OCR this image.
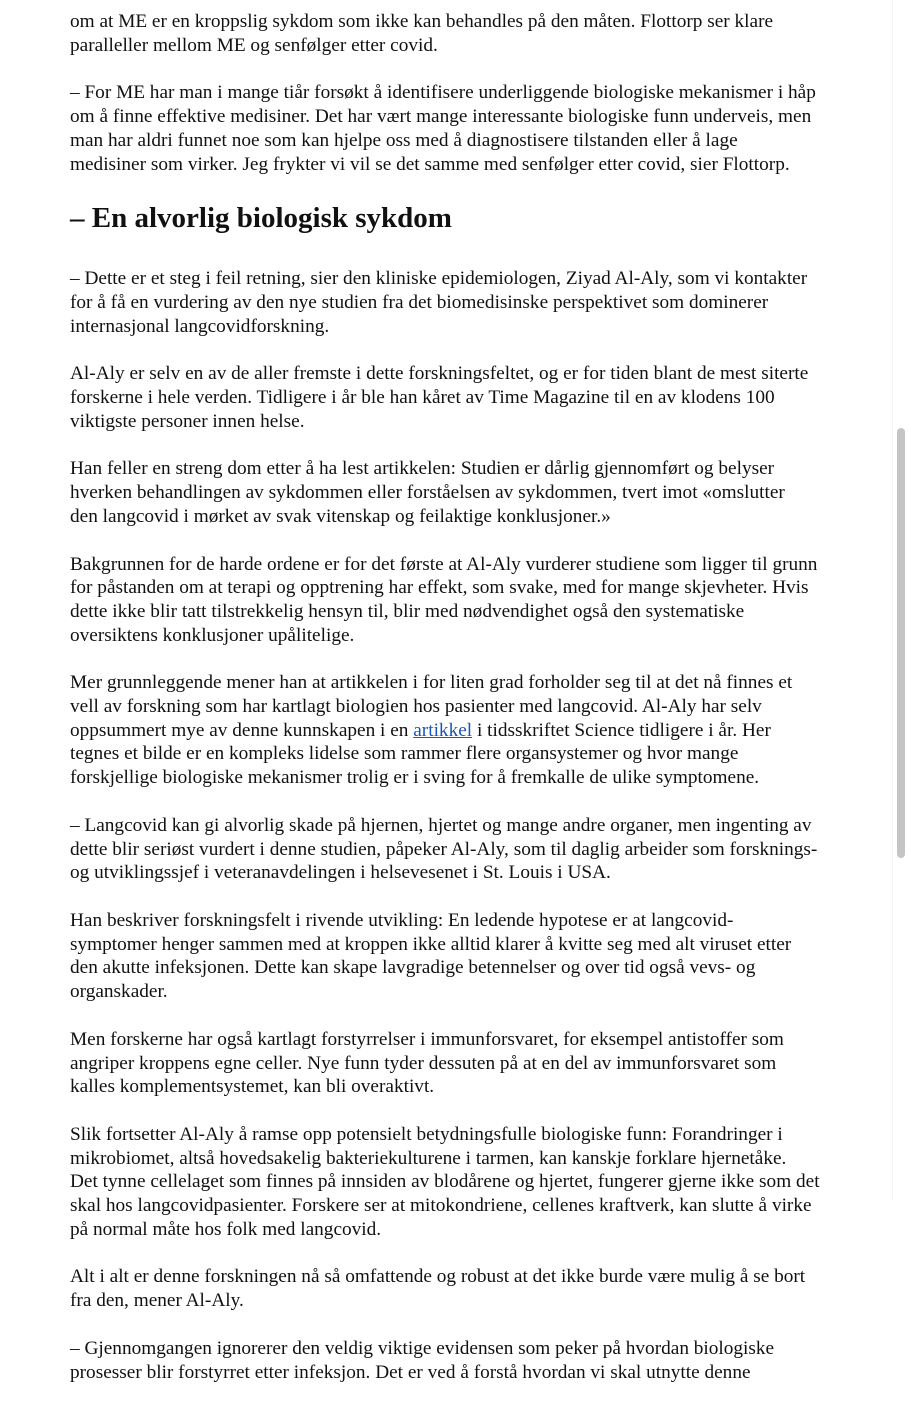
om at ME er en kroppslig sykdom som ikke kan behandles på den måten. Flottorp ser klare
paralleller mellom ME og senfølger etter covid.

– For ME har man i mange tiår forsøkt å identifisere underliggende biologiske mekanismer i håp
om å finne effektive medisiner. Det har vært mange interessante biologiske funn underveis, men
man har aldri funnet noe som kan hjelpe oss med å diagnostisere tilstanden eller å lage
medisiner som virker. Jeg frykter vi vil se det samme med senfølger etter covid, sier Flottorp.

– En alvorlig biologisk sykdom

– Dette er et steg i feil retning, sier den kliniske epidemiologen, Ziyad Al-Aly, som vi kontakter
for å få en vurdering av den nye studien fra det biomedisinske perspektivet som dominerer
internasjonal langcovidforskning.

Al-Aly er selv en av de aller fremste i dette forskningsfeltet, og er for tiden blant de mest siterte
forskerne i hele verden. Tidligere i år ble han kåret av Time Magazine til en av klodens 100
viktigste personer innen helse.

Han feller en streng dom etter å ha lest artikkelen: Studien er dårlig gjennomført og belyser
hverken behandlingen av sykdommen eller forståelsen av sykdommen, tvert imot «omslutter
den langcovid i mørket av svak vitenskap og feilaktige konklusjoner.»

Bakgrunnen for de harde ordene er for det første at Al-Aly vurderer studiene som ligger til grunn
for påstanden om at terapi og opptrening har effekt, som svake, med for mange skjevheter. Hvis
dette ikke blir tatt tilstrekkelig hensyn til, blir med nødvendighet også den systematiske
oversiktens konklusjoner upålitelige.

Mer grunnleggende mener han at artikkelen i for liten grad forholder seg til at det nå finnes et
vell av forskning som har kartlagt biologien hos pasienter med langcovid. Al-Aly har selv
oppsummert mye av denne kunnskapen i en artikkel i tidsskriftet Science tidligere i år. Her
tegnes et bilde er en kompleks lidelse som rammer flere organsystemer og hvor mange
forskjellige biologiske mekanismer trolig er i sving for å fremkalle de ulike symptomene.

– Langcovid kan gi alvorlig skade på hjernen, hjertet og mange andre organer, men ingenting av
dette blir seriøst vurdert i denne studien, påpeker Al-Aly, som til daglig arbeider som forsknings-
og utviklingssjef i veteranavdelingen i helsevesenet i St. Louis i USA.

Han beskriver forskningsfelt i rivende utvikling: En ledende hypotese er at langcovid-
symptomer henger sammen med at kroppen ikke alltid klarer å kvitte seg med alt viruset etter
den akutte infeksjonen. Dette kan skape lavgradige betennelser og over tid også vevs- og
organskader.

Men forskerne har også kartlagt forstyrrelser i immunforsvaret, for eksempel antistoffer som
angriper kroppens egne celler. Nye funn tyder dessuten på at en del av immunforsvaret som
kalles komplementsystemet, kan bli overaktivt.

Slik fortsetter Al-Aly å ramse opp potensielt betydningsfulle biologiske funn: Forandringer i
mikrobiomet, altså hovedsakelig bakteriekulturene i tarmen, kan kanskje forklare hjernetåke.
Det tynne cellelaget som finnes på innsiden av blodårene og hjertet, fungerer gjerne ikke som det
skal hos langcovidpasienter. Forskere ser at mitokondriene, cellenes kraftverk, kan slutte å virke
på normal måte hos folk med langcovid.

Alt i alt er denne forskningen nå så omfattende og robust at det ikke burde være mulig å se bort
fra den, mener Al-Aly.

– Gjennomgangen ignorerer den veldig viktige evidensen som peker på hvordan biologiske
prosesser blir forstyrret etter infeksjon. Det er ved å forstå hvordan vi skal utnytte denne
